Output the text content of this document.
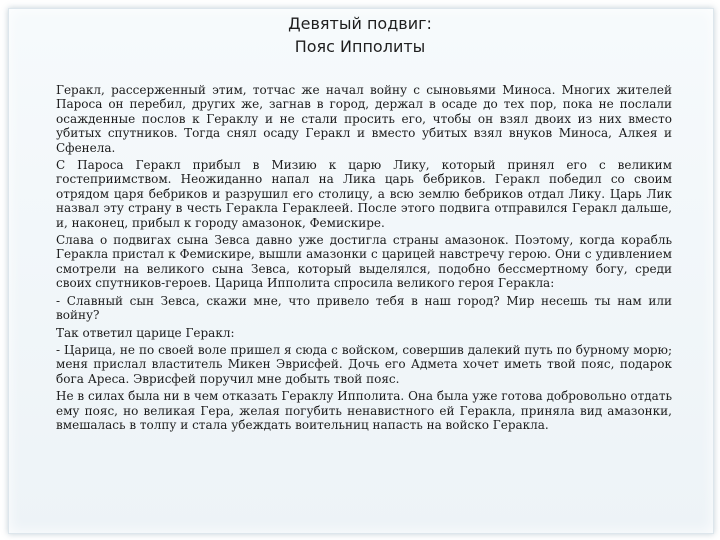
Девятый подвиг:
Пояс Ипполиты

Геракл, рассерженный этим, тотчас же начал войну с сыновьями Миноса. Многих жителей Пароса он перебил, других же, загнав в город, держал в осаде до тех пор, пока не послали осажденные послов к Гераклу и не стали просить его, чтобы он взял двоих из них вместо убитых спутников. Тогда снял осаду Геракл и вместо убитых взял внуков Миноса, Алкея и Сфенела.

С Пароса Геракл прибыл в Мизию к царю Лику, который принял его с великим гостеприимством. Неожиданно напал на Лика царь бебриков. Геракл победил со своим отрядом царя бебриков и разрушил его столицу, а всю землю бебриков отдал Лику. Царь Лик назвал эту страну в честь Геракла Гераклеей. После этого подвига отправился Геракл дальше, и, наконец, прибыл к городу амазонок, Фемискире.

Слава о подвигах сына Зевса давно уже достигла страны амазонок. Поэтому, когда корабль Геракла пристал к Фемискире, вышли амазонки с царицей навстречу герою. Они с удивлением смотрели на великого сына Зевса, который выделялся, подобно бессмертному богу, среди своих спутников-героев. Царица Ипполита спросила великого героя Геракла:

- Славный сын Зевса, скажи мне, что привело тебя в наш город? Мир несешь ты нам или войну?

Так ответил царице Геракл:

- Царица, не по своей воле пришел я сюда с войском, совершив далекий путь по бурному морю; меня прислал властитель Микен Эврисфей. Дочь его Адмета хочет иметь твой пояс, подарок бога Ареса. Эврисфей поручил мне добыть твой пояс.

Не в силах была ни в чем отказать Гераклу Ипполита. Она была уже готова добровольно отдать ему пояс, но великая Гера, желая погубить ненавистного ей Геракла, приняла вид амазонки, вмешалась в толпу и стала убеждать воительниц напасть на войско Геракла.
